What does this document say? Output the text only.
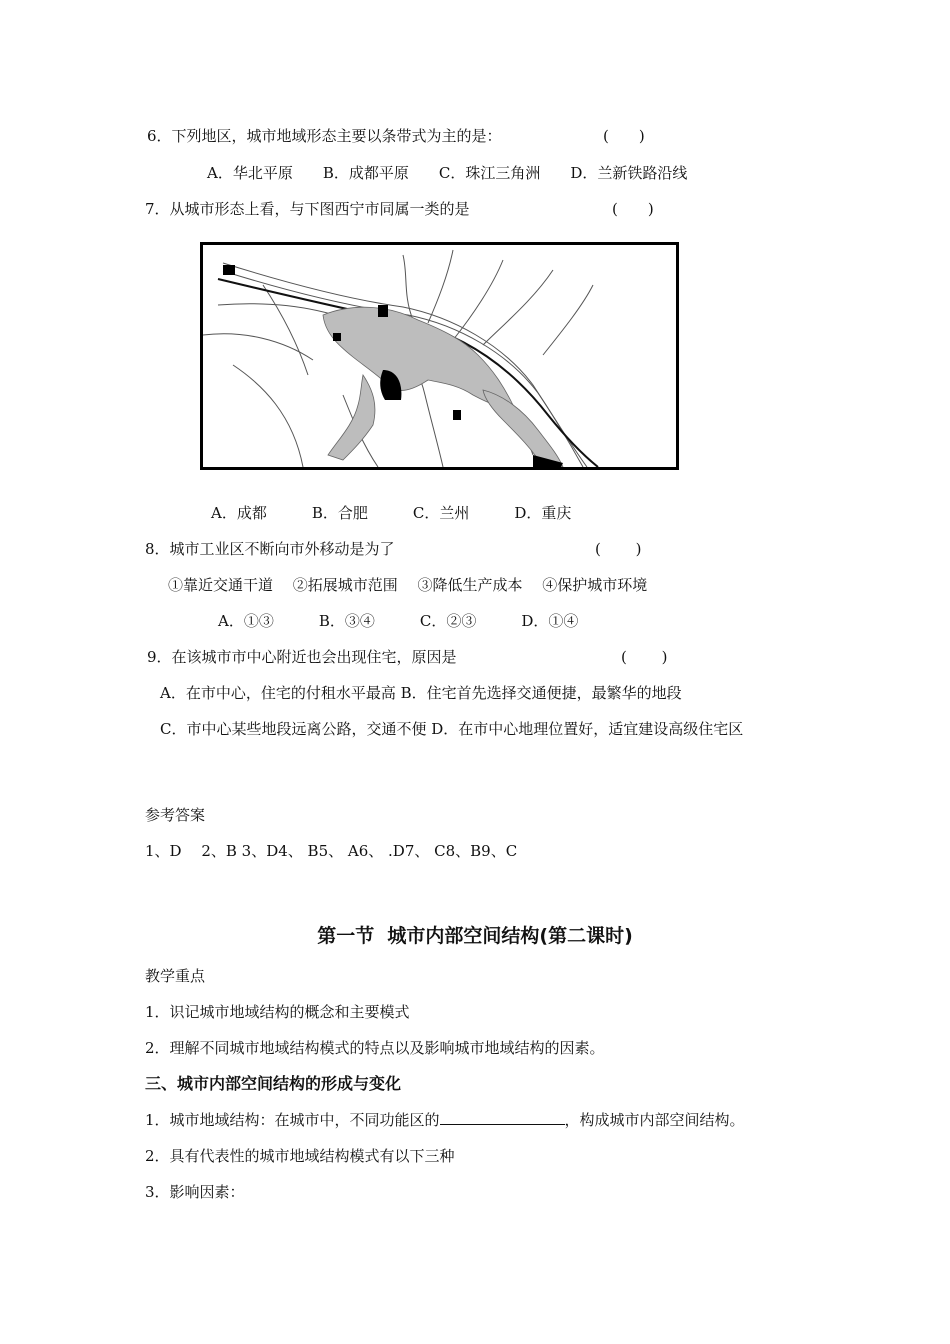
6．下列地区，城市地域形态主要以条带式为主的是：	(　　)
A．华北平原　　B．成都平原　　C．珠江三角洲　　D．兰新铁路沿线
7．从城市形态上看，与下图西宁市同属一类的是	(　　)
A．成都　　　B．合肥　　　C．兰州　　　D．重庆
8．城市工业区不断向市外移动是为了	(　　 )
①靠近交通干道　 ②拓展城市范围　 ③降低生产成本　 ④保护城市环境
A．①③　　　B．③④　　　C．②③　　　D．①④
9．在该城市市中心附近也会出现住宅，原因是	(　　 )
A．在市中心，住宅的付租水平最高 B．住宅首先选择交通便捷，最繁华的地段
C．市中心某些地段远离公路，交通不便 D．在市中心地理位置好，适宜建设高级住宅区
参考答案
1、D　 2、B 3、D4、 B5、 A6、 .D7、 C8、B9、C
第一节  城市内部空间结构(第二课时)
教学重点
1．识记城市地域结构的概念和主要模式
2．理解不同城市地域结构模式的特点以及影响城市地域结构的因素。
三、城市内部空间结构的形成与变化
1．城市地域结构：在城市中，不同功能区的	，构成城市内部空间结构。
2．具有代表性的城市地域结构模式有以下三种
3．影响因素：
